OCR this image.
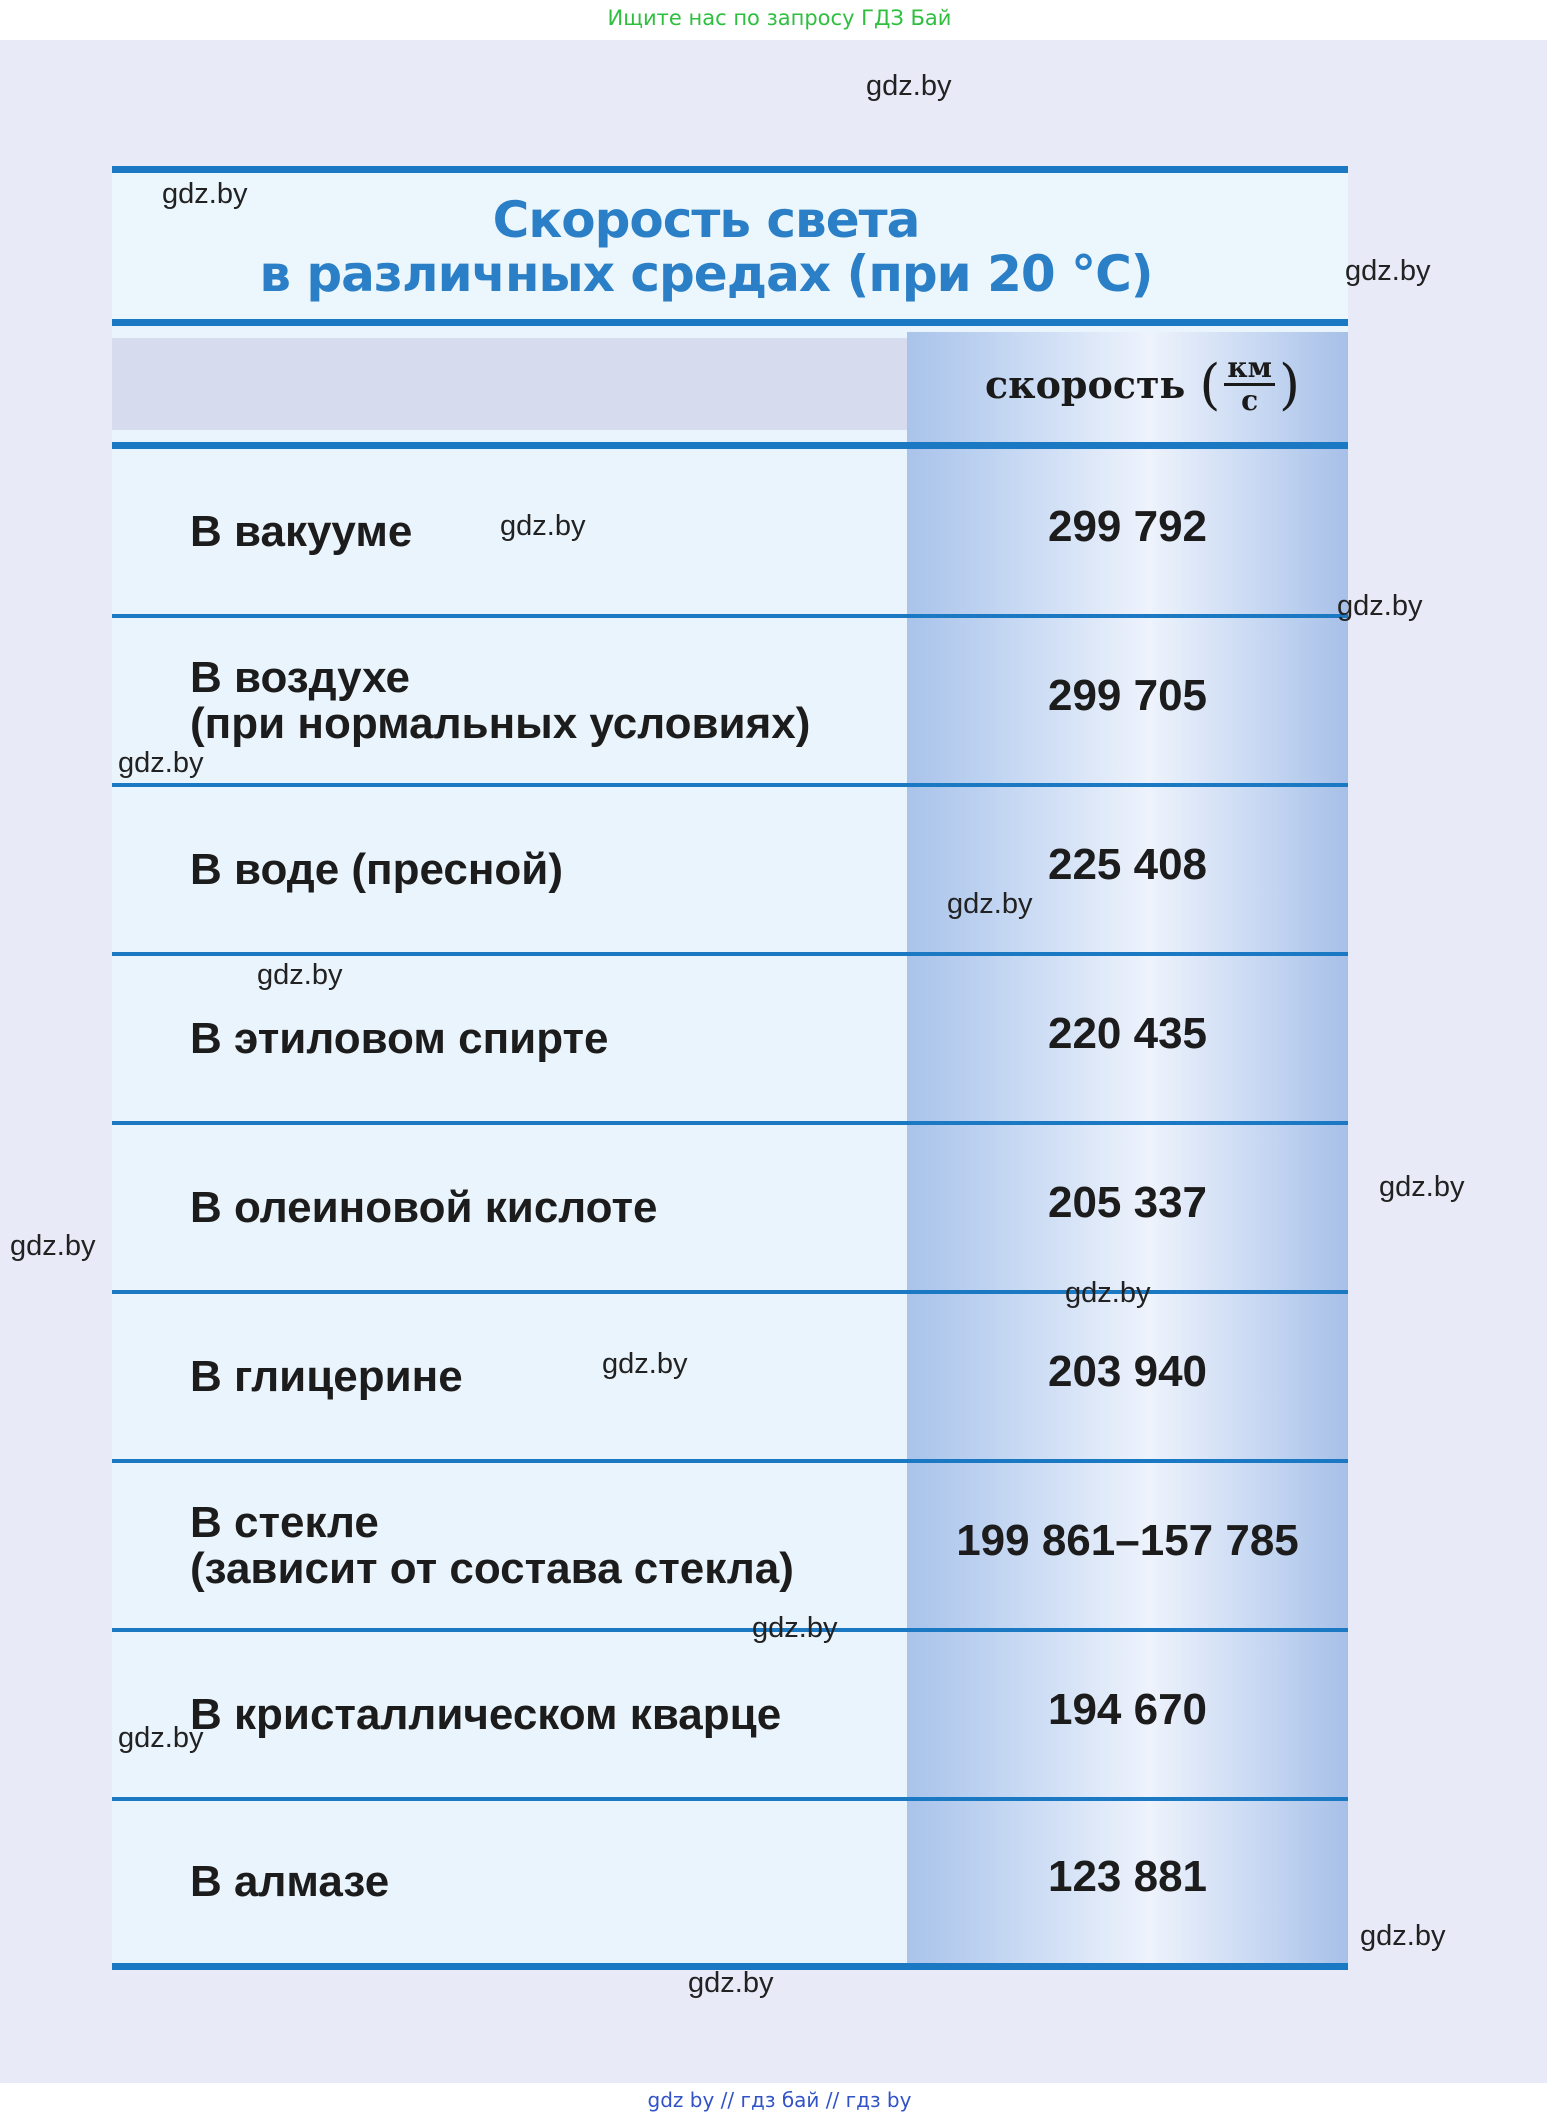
Ищите нас по запросу ГДЗ Бай
Скорость света
в различных средах (при 20 °С)
скорость ( $\frac{км}{с}$ )
В вакууме	299 792
В воздухе
(при нормальных условиях)
299 705
В воде (пресной)	225 408
В этиловом спирте	220 435
В олеиновой кислоте	205 337
В глицерине	203 940
В стекле
(зависит от состава стекла)
199 861–157 785
В кристаллическом кварце	194 670
В алмазе	123 881
gdz.by
gdz.by
gdz.by
gdz.by
gdz.by
gdz.by
gdz.by
gdz.by
gdz.by
gdz.by
gdz.by
gdz.by
gdz.by
gdz.by
gdz.by
gdz.by
gdz by // гдз бай // гдз by
